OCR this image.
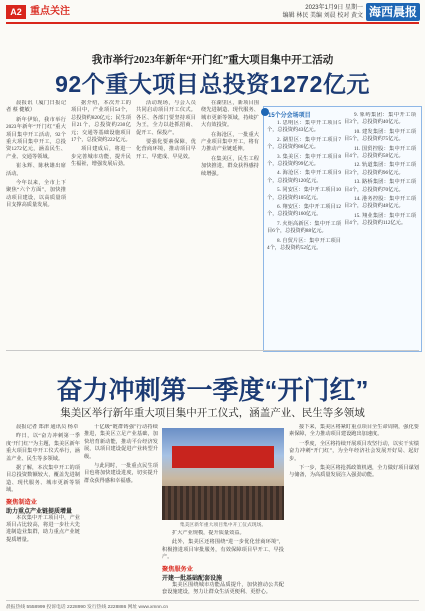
A2 重点关注	2023年1月9日 星期一
编辑 林民 美编 刘晨 校对 黄文 海西晨报
我市举行2023年新年“开门红”重大项目集中开工活动
92个重大项目总投资1272亿元

晨报讯（厦门日报记者 蔡 健敏）

新年伊始，我市举行2023年新年“开门红”重大项目集中开工活动，92个重大项目集中开工，总投资1272亿元，涵盖民生、产业、交通等领域。

崔永辉、陈秋雄出席活动。

今年以来，全市上下聚焦“六个方面”，加快推动项目建设，以高质量项目支撑高质量发展。

据介绍，本次开工的项目中，产业项目54个，总投资约820亿元；民生项目21个，总投资约230亿元；交通等基础设施项目17个，总投资约222亿元。

项目建成后，将进一步完善城市功能，提升民生福祉，增强发展后劲。

活动现场，与会人员共同启动项目开工仪式。各区、各部门要坚持项目为王，全力以赴抓招商、促开工、保投产。

要强化要素保障，优化营商环境，推动项目早开工、早建成、早见效。

在湖里区，新项目围绕先进制造、现代服务、城市更新等领域，持续扩大有效投资。

在海沧区，一批重大产业项目集中开工，将有力推动产业链延伸。

在集美区，民生工程加快推进，群众获得感持续增强。

15个分会场项目

1. 思明区：集中开工项目5个，总投资约43亿元。

2. 湖里区：集中开工项目7个，总投资约86亿元。

3. 集美区：集中开工项目8个，总投资约99亿元。

4. 海沧区：集中开工项目9个，总投资约120亿元。

5. 同安区：集中开工项目10个，总投资约105亿元。

6. 翔安区：集中开工项目12个，总投资约160亿元。

7. 火炬高新区：集中开工项目6个，总投资约88亿元。

8. 自贸片区：集中开工项目4个，总投资约52亿元。

9. 象屿集团：集中开工项目3个，总投资约40亿元。

10. 建发集团：集中开工项目5个，总投资约75亿元。

11. 国贸控股：集中开工项目4个，总投资约58亿元。

12. 轨道集团：集中开工项目3个，总投资约96亿元。

13. 路桥集团：集中开工项目4个，总投资约70亿元。

14. 港务控股：集中开工项目3个，总投资约48亿元。

15. 翔业集团：集中开工项目4个，总投资约112亿元。

奋力冲刺第一季度“开门红”
集美区举行新年重大项目集中开工仪式，涵盖产业、民生等多领域

晨报记者 郑津 通讯员 杨卓

昨日，以“奋力冲刺第一季度‘开门红’”为主题，集美区新年重大项目集中开工仪式举行，涵盖产业、民生等多领域。

据了解，本次集中开工的项目总投资数额较大，覆盖先进制造、现代服务、城市更新等领域。

聚焦制造业
助力重点产业链提质增量

本次集中开工项目中，产业项目占比较高，将进一步壮大先进制造业集群，助力重点产业链提质增量。

十亿级“链群铸强”行动持续推进，集美区立足产业基础，加快培育新动能，推动平台经济发展，以项目建设促进产业转型升级。

与此同时，一批重点民生项目也将加快建设进度，切实提升群众获得感和幸福感。

集美区新年重大项目集中开工仪式现场。

扩大产业规模，提升质量效益。

此外，集美区还将围绕“进一步优化营商环境”，积极推进项目审批服务，有效保障项目早开工、早投产。

聚焦服务业
开建一批基础配套设施

集美区围绕城市功能品质提升，加快推动公共配套设施建设，努力让群众生活更便利、更舒心。

接下来，集美区将紧盯重点项目全生命周期，强化要素保障，全力推动项目建设跑出加速度。

一季度，全区将持续开展项目攻坚行动，以实干实绩奋力冲刺“开门红”，为全年经济社会发展开好局、起好步。

下一步，集美区将抢抓政策机遇，全力做好项目谋划与储备，为高质量发展注入强劲动能。

晨报热线 5558999 投诉电话 2228990 发行热线 2228886 网址 www.xmnn.cn
